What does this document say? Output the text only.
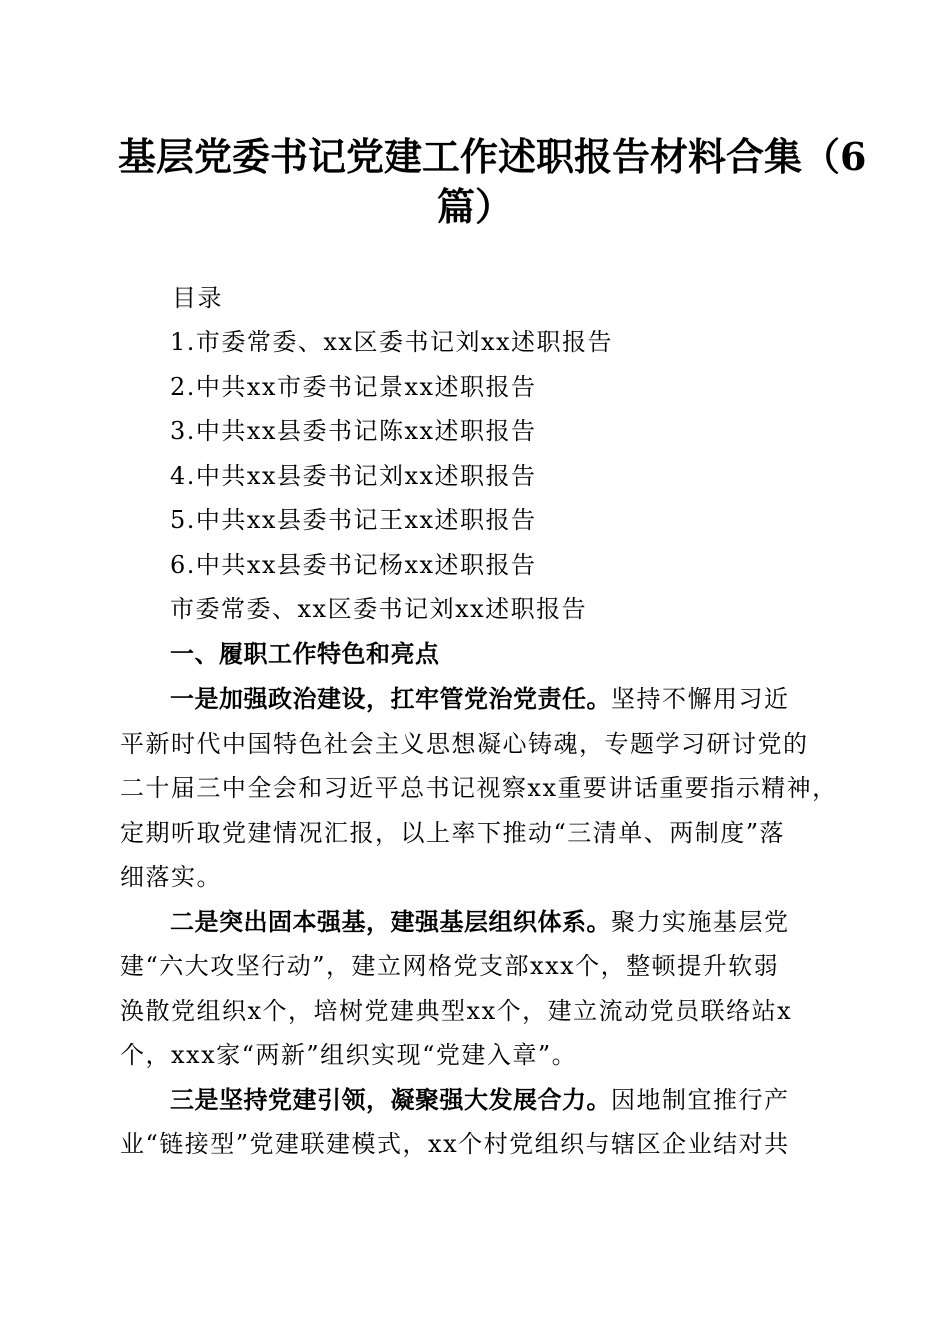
基层党委书记党建工作述职报告材料合集（6
篇）
目录
1.市委常委、xx区委书记刘xx述职报告
2.中共xx市委书记景xx述职报告
3.中共xx县委书记陈xx述职报告
4.中共xx县委书记刘xx述职报告
5.中共xx县委书记王xx述职报告
6.中共xx县委书记杨xx述职报告
市委常委、xx区委书记刘xx述职报告
一、履职工作特色和亮点
一是加强政治建设，扛牢管党治党责任。坚持不懈用习近
平新时代中国特色社会主义思想凝心铸魂，专题学习研讨党的
二十届三中全会和习近平总书记视察xx重要讲话重要指示精神，
定期听取党建情况汇报，以上率下推动“三清单、两制度”落
细落实。
二是突出固本强基，建强基层组织体系。聚力实施基层党
建“六大攻坚行动”，建立网格党支部xxx个，整顿提升软弱
涣散党组织x个，培树党建典型xx个，建立流动党员联络站x
个，xxx家“两新”组织实现“党建入章”。
三是坚持党建引领，凝聚强大发展合力。因地制宜推行产
业“链接型”党建联建模式，xx个村党组织与辖区企业结对共
